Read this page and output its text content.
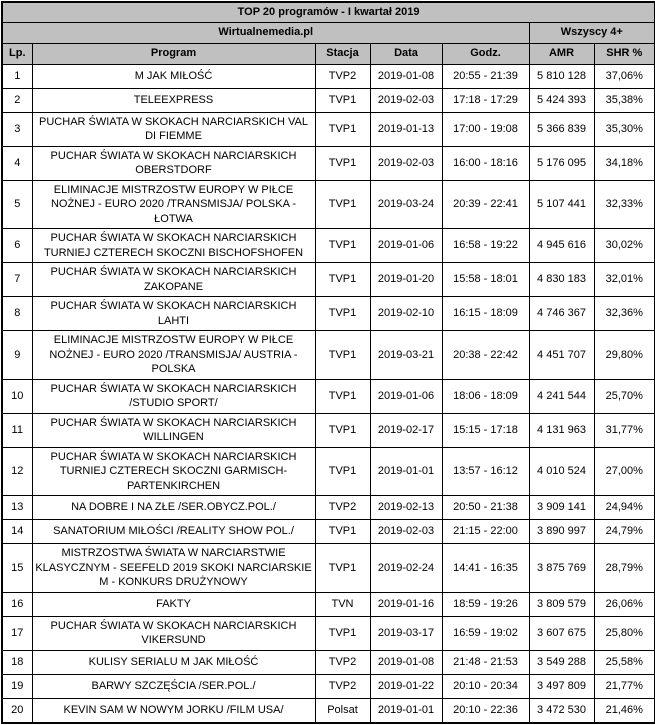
TOP 20 programów - I kwartał 2019						
Wirtualnemedia.pl					Wszyscy 4+	
Lp.	Program	Stacja	Data	Godz.	AMR	SHR %
1	M JAK MIŁOŚĆ	TVP2	2019-01-08	20:55 - 21:39	5 810 128	37,06%
2	TELEEXPRESS	TVP1	2019-02-03	17:18 - 17:29	5 424 393	35,38%
3	PUCHAR ŚWIATA W SKOKACH NARCIARSKICH VAL DI FIEMME	TVP1	2019-01-13	17:00 - 19:08	5 366 839	35,30%
4	PUCHAR ŚWIATA W SKOKACH NARCIARSKICH OBERSTDORF	TVP1	2019-02-03	16:00 - 18:16	5 176 095	34,18%
5	ELIMINACJE MISTRZOSTW EUROPY W PIŁCE NOŻNEJ - EURO 2020 /TRANSMISJA/ POLSKA - ŁOTWA	TVP1	2019-03-24	20:39 - 22:41	5 107 441	32,33%
6	PUCHAR ŚWIATA W SKOKACH NARCIARSKICH TURNIEJ CZTERECH SKOCZNI BISCHOFSHOFEN	TVP1	2019-01-06	16:58 - 19:22	4 945 616	30,02%
7	PUCHAR ŚWIATA W SKOKACH NARCIARSKICH ZAKOPANE	TVP1	2019-01-20	15:58 - 18:01	4 830 183	32,01%
8	PUCHAR ŚWIATA W SKOKACH NARCIARSKICH LAHTI	TVP1	2019-02-10	16:15 - 18:09	4 746 367	32,36%
9	ELIMINACJE MISTRZOSTW EUROPY W PIŁCE NOŻNEJ - EURO 2020 /TRANSMISJA/ AUSTRIA - POLSKA	TVP1	2019-03-21	20:38 - 22:42	4 451 707	29,80%
10	PUCHAR ŚWIATA W SKOKACH NARCIARSKICH /STUDIO SPORT/	TVP1	2019-01-06	18:06 - 18:09	4 241 544	25,70%
11	PUCHAR ŚWIATA W SKOKACH NARCIARSKICH WILLINGEN	TVP1	2019-02-17	15:15 - 17:18	4 131 963	31,77%
12	PUCHAR ŚWIATA W SKOKACH NARCIARSKICH TURNIEJ CZTERECH SKOCZNI GARMISCH-PARTENKIRCHEN	TVP1	2019-01-01	13:57 - 16:12	4 010 524	27,00%
13	NA DOBRE I NA ZŁE /SER.OBYCZ.POL./	TVP2	2019-02-13	20:50 - 21:38	3 909 141	24,94%
14	SANATORIUM MIŁOŚCI /REALITY SHOW POL./	TVP1	2019-02-03	21:15 - 22:00	3 890 997	24,79%
15	MISTRZOSTWA ŚWIATA W NARCIARSTWIE KLASYCZNYM - SEEFELD 2019 SKOKI NARCIARSKIE M - KONKURS DRUŻYNOWY	TVP1	2019-02-24	14:41 - 16:35	3 875 769	28,79%
16	FAKTY	TVN	2019-01-16	18:59 - 19:26	3 809 579	26,06%
17	PUCHAR ŚWIATA W SKOKACH NARCIARSKICH VIKERSUND	TVP1	2019-03-17	16:59 - 19:02	3 607 675	25,80%
18	KULISY SERIALU M JAK MIŁOŚĆ	TVP2	2019-01-08	21:48 - 21:53	3 549 288	25,58%
19	BARWY SZCZĘŚCIA /SER.POL./	TVP2	2019-01-22	20:10 - 20:34	3 497 809	21,77%
20	KEVIN SAM W NOWYM JORKU /FILM USA/	Polsat	2019-01-01	20:10 - 22:36	3 472 530	21,46%
